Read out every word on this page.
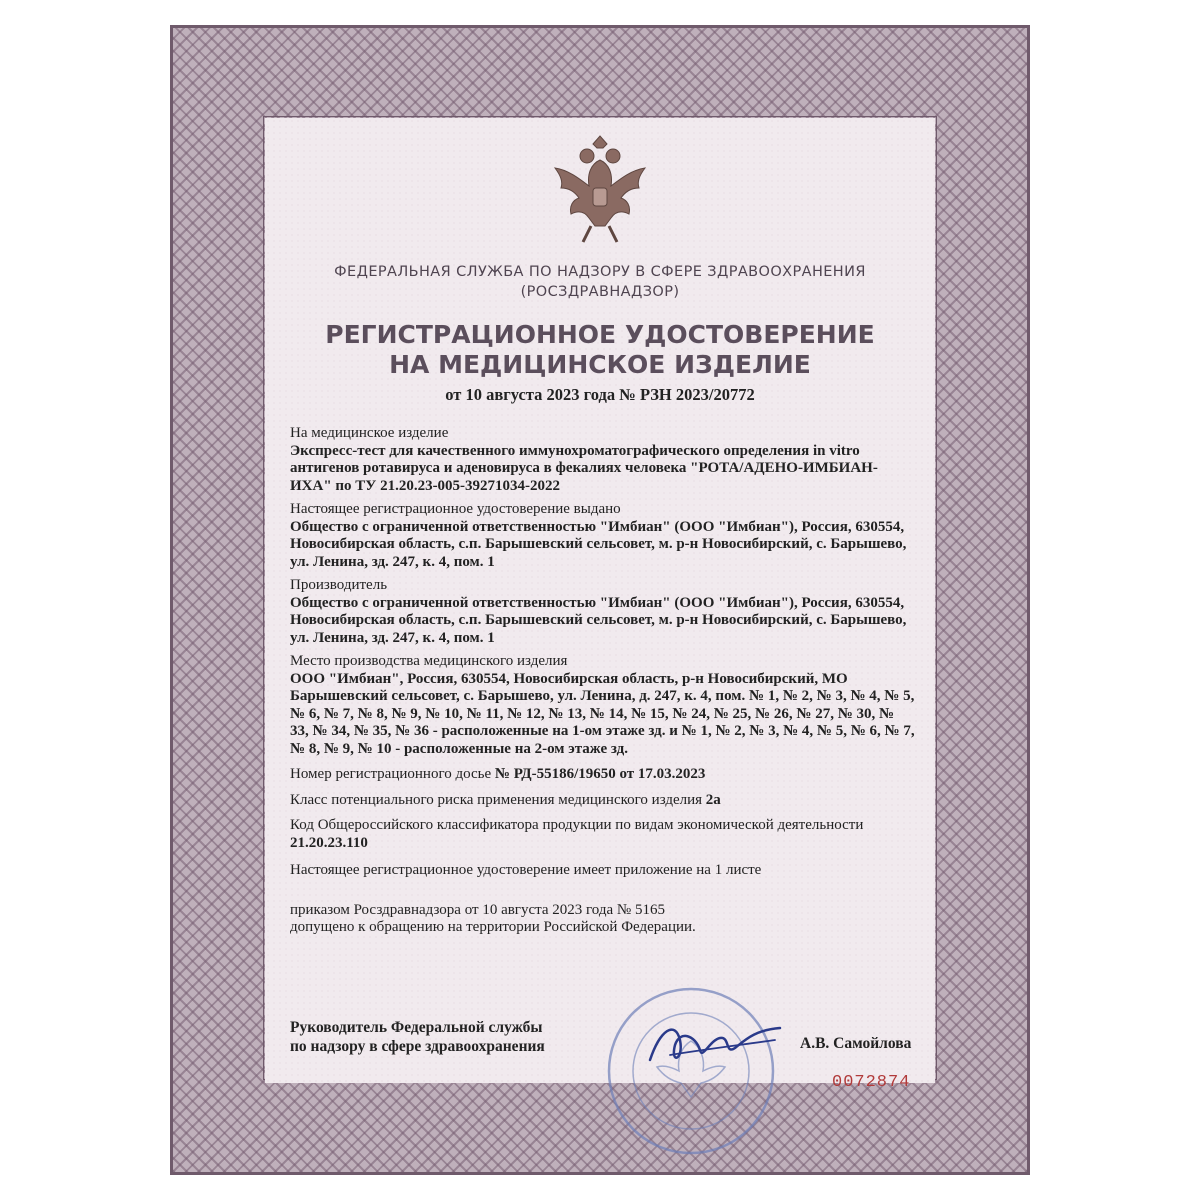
ФЕДЕРАЛЬНАЯ СЛУЖБА ПО НАДЗОРУ В СФЕРЕ ЗДРАВООХРАНЕНИЯ
(РОСЗДРАВНАДЗОР)
РЕГИСТРАЦИОННОЕ УДОСТОВЕРЕНИЕ
НА МЕДИЦИНСКОЕ ИЗДЕЛИЕ
от 10 августа 2023 года № РЗН 2023/20772
На медицинское изделие
Экспресс-тест для качественного иммунохроматографического определения in vitro антигенов ротавируса и аденовируса в фекалиях человека "РОТА/АДЕНО-ИМБИАН-ИХА" по ТУ 21.20.23-005-39271034-2022
Настоящее регистрационное удостоверение выдано
Общество с ограниченной ответственностью "Имбиан" (ООО "Имбиан"), Россия, 630554, Новосибирская область, с.п. Барышевский сельсовет, м. р-н Новосибирский, с. Барышево, ул. Ленина, зд. 247, к. 4, пом. 1
Производитель
Общество с ограниченной ответственностью "Имбиан" (ООО "Имбиан"), Россия, 630554, Новосибирская область, с.п. Барышевский сельсовет, м. р-н Новосибирский, с. Барышево, ул. Ленина, зд. 247, к. 4, пом. 1
Место производства медицинского изделия
ООО "Имбиан", Россия, 630554, Новосибирская область, р-н Новосибирский, МО Барышевский сельсовет, с. Барышево, ул. Ленина, д. 247, к. 4, пом. № 1, № 2, № 3, № 4, № 5, № 6, № 7, № 8, № 9, № 10, № 11, № 12, № 13, № 14, № 15, № 24, № 25, № 26, № 27, № 30, № 33, № 34, № 35, № 36 - расположенные на 1-ом этаже зд. и № 1, № 2, № 3, № 4, № 5, № 6, № 7, № 8, № 9, № 10 - расположенные на 2-ом этаже зд.
Номер регистрационного досье № РД-55186/19650 от 17.03.2023
Класс потенциального риска применения медицинского изделия 2а
Код Общероссийского классификатора продукции по видам экономической деятельности 21.20.23.110
Настоящее регистрационное удостоверение имеет приложение на 1 листе
приказом Росздравнадзора от 10 августа 2023 года № 5165
допущено к обращению на территории Российской Федерации.
Руководитель Федеральной службы
по надзору в сфере здравоохранения	А.В. Самойлова
0072874
